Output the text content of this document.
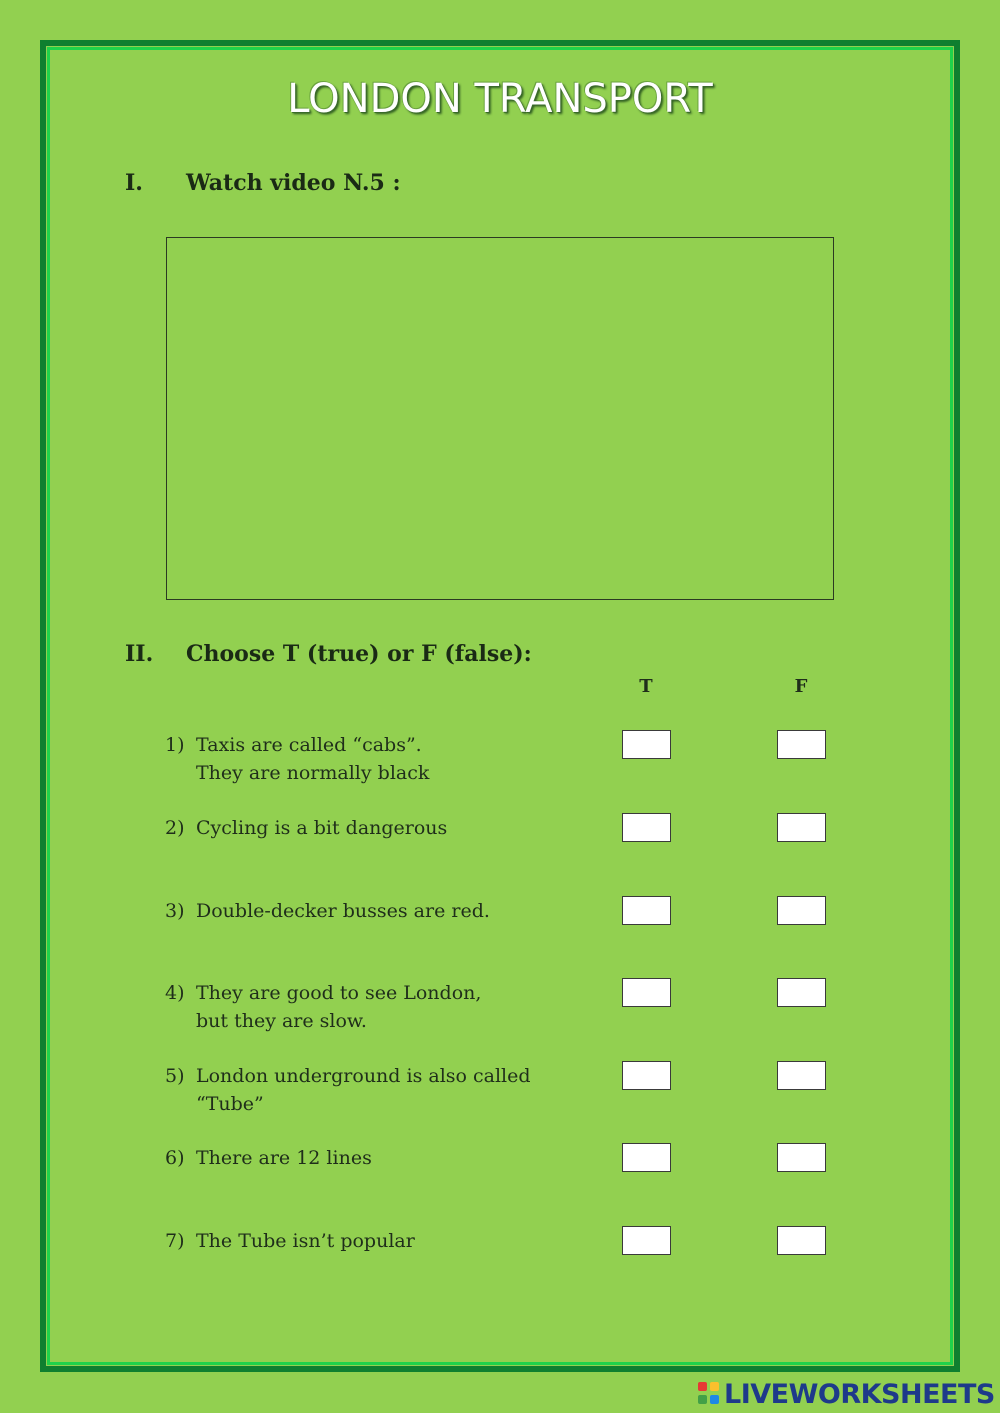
LONDON TRANSPORT
I. Watch video N.5 :
II. Choose T (true) or F (false):
T	F
1) Taxis are called “cabs”.
They are normally black
2) Cycling is a bit dangerous
3) Double-decker busses are red.
4) They are good to see London,
but they are slow.
5) London underground is also called
“Tube”
6) There are 12 lines
7) The Tube isn’t popular
LIVEWORKSHEETS
